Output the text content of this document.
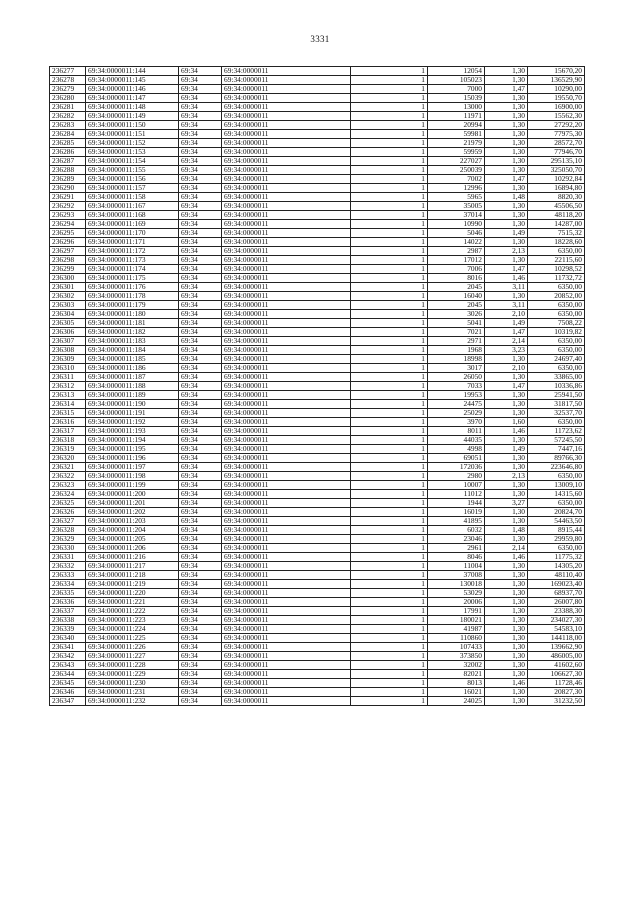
3331
236277	69:34:0000011:144	69:34	69:34:0000011	1	12054	1,30	15670,20
236278	69:34:0000011:145	69:34	69:34:0000011	1	105023	1,30	136529,90
236279	69:34:0000011:146	69:34	69:34:0000011	1	7000	1,47	10290,00
236280	69:34:0000011:147	69:34	69:34:0000011	1	15039	1,30	19550,70
236281	69:34:0000011:148	69:34	69:34:0000011	1	13000	1,30	16900,00
236282	69:34:0000011:149	69:34	69:34:0000011	1	11971	1,30	15562,30
236283	69:34:0000011:150	69:34	69:34:0000011	1	20994	1,30	27292,20
236284	69:34:0000011:151	69:34	69:34:0000011	1	59981	1,30	77975,30
236285	69:34:0000011:152	69:34	69:34:0000011	1	21979	1,30	28572,70
236286	69:34:0000011:153	69:34	69:34:0000011	1	59959	1,30	77946,70
236287	69:34:0000011:154	69:34	69:34:0000011	1	227027	1,30	295135,10
236288	69:34:0000011:155	69:34	69:34:0000011	1	250039	1,30	325050,70
236289	69:34:0000011:156	69:34	69:34:0000011	1	7002	1,47	10292,84
236290	69:34:0000011:157	69:34	69:34:0000011	1	12996	1,30	16894,80
236291	69:34:0000011:158	69:34	69:34:0000011	1	5965	1,48	8820,30
236292	69:34:0000011:167	69:34	69:34:0000011	1	35005	1,30	45506,50
236293	69:34:0000011:168	69:34	69:34:0000011	1	37014	1,30	48118,20
236294	69:34:0000011:169	69:34	69:34:0000011	1	10990	1,30	14287,00
236295	69:34:0000011:170	69:34	69:34:0000011	1	5046	1,49	7515,32
236296	69:34:0000011:171	69:34	69:34:0000011	1	14022	1,30	18228,60
236297	69:34:0000011:172	69:34	69:34:0000011	1	2987	2,13	6350,00
236298	69:34:0000011:173	69:34	69:34:0000011	1	17012	1,30	22115,60
236299	69:34:0000011:174	69:34	69:34:0000011	1	7006	1,47	10298,52
236300	69:34:0000011:175	69:34	69:34:0000011	1	8016	1,46	11732,72
236301	69:34:0000011:176	69:34	69:34:0000011	1	2045	3,11	6350,00
236302	69:34:0000011:178	69:34	69:34:0000011	1	16040	1,30	20852,00
236303	69:34:0000011:179	69:34	69:34:0000011	1	2045	3,11	6350,00
236304	69:34:0000011:180	69:34	69:34:0000011	1	3026	2,10	6350,00
236305	69:34:0000011:181	69:34	69:34:0000011	1	5041	1,49	7508,22
236306	69:34:0000011:182	69:34	69:34:0000011	1	7021	1,47	10319,82
236307	69:34:0000011:183	69:34	69:34:0000011	1	2971	2,14	6350,00
236308	69:34:0000011:184	69:34	69:34:0000011	1	1968	3,23	6350,00
236309	69:34:0000011:185	69:34	69:34:0000011	1	18998	1,30	24697,40
236310	69:34:0000011:186	69:34	69:34:0000011	1	3017	2,10	6350,00
236311	69:34:0000011:187	69:34	69:34:0000011	1	26050	1,30	33865,00
236312	69:34:0000011:188	69:34	69:34:0000011	1	7033	1,47	10336,86
236313	69:34:0000011:189	69:34	69:34:0000011	1	19953	1,30	25941,50
236314	69:34:0000011:190	69:34	69:34:0000011	1	24475	1,30	31817,50
236315	69:34:0000011:191	69:34	69:34:0000011	1	25029	1,30	32537,70
236316	69:34:0000011:192	69:34	69:34:0000011	1	3970	1,60	6350,00
236317	69:34:0000011:193	69:34	69:34:0000011	1	8011	1,46	11723,62
236318	69:34:0000011:194	69:34	69:34:0000011	1	44035	1,30	57245,50
236319	69:34:0000011:195	69:34	69:34:0000011	1	4998	1,49	7447,16
236320	69:34:0000011:196	69:34	69:34:0000011	1	69051	1,30	89766,30
236321	69:34:0000011:197	69:34	69:34:0000011	1	172036	1,30	223646,80
236322	69:34:0000011:198	69:34	69:34:0000011	1	2980	2,13	6350,00
236323	69:34:0000011:199	69:34	69:34:0000011	1	10007	1,30	13009,10
236324	69:34:0000011:200	69:34	69:34:0000011	1	11012	1,30	14315,60
236325	69:34:0000011:201	69:34	69:34:0000011	1	1944	3,27	6350,00
236326	69:34:0000011:202	69:34	69:34:0000011	1	16019	1,30	20824,70
236327	69:34:0000011:203	69:34	69:34:0000011	1	41895	1,30	54463,50
236328	69:34:0000011:204	69:34	69:34:0000011	1	6032	1,48	8915,44
236329	69:34:0000011:205	69:34	69:34:0000011	1	23046	1,30	29959,80
236330	69:34:0000011:206	69:34	69:34:0000011	1	2961	2,14	6350,00
236331	69:34:0000011:216	69:34	69:34:0000011	1	8046	1,46	11775,32
236332	69:34:0000011:217	69:34	69:34:0000011	1	11004	1,30	14305,20
236333	69:34:0000011:218	69:34	69:34:0000011	1	37008	1,30	48110,40
236334	69:34:0000011:219	69:34	69:34:0000011	1	130018	1,30	169023,40
236335	69:34:0000011:220	69:34	69:34:0000011	1	53029	1,30	68937,70
236336	69:34:0000011:221	69:34	69:34:0000011	1	20006	1,30	26007,80
236337	69:34:0000011:222	69:34	69:34:0000011	1	17991	1,30	23388,30
236338	69:34:0000011:223	69:34	69:34:0000011	1	180021	1,30	234027,30
236339	69:34:0000011:224	69:34	69:34:0000011	1	41987	1,30	54583,10
236340	69:34:0000011:225	69:34	69:34:0000011	1	110860	1,30	144118,00
236341	69:34:0000011:226	69:34	69:34:0000011	1	107433	1,30	139662,90
236342	69:34:0000011:227	69:34	69:34:0000011	1	373850	1,30	486005,00
236343	69:34:0000011:228	69:34	69:34:0000011	1	32002	1,30	41602,60
236344	69:34:0000011:229	69:34	69:34:0000011	1	82021	1,30	106627,30
236345	69:34:0000011:230	69:34	69:34:0000011	1	8013	1,46	11728,46
236346	69:34:0000011:231	69:34	69:34:0000011	1	16021	1,30	20827,30
236347	69:34:0000011:232	69:34	69:34:0000011	1	24025	1,30	31232,50
